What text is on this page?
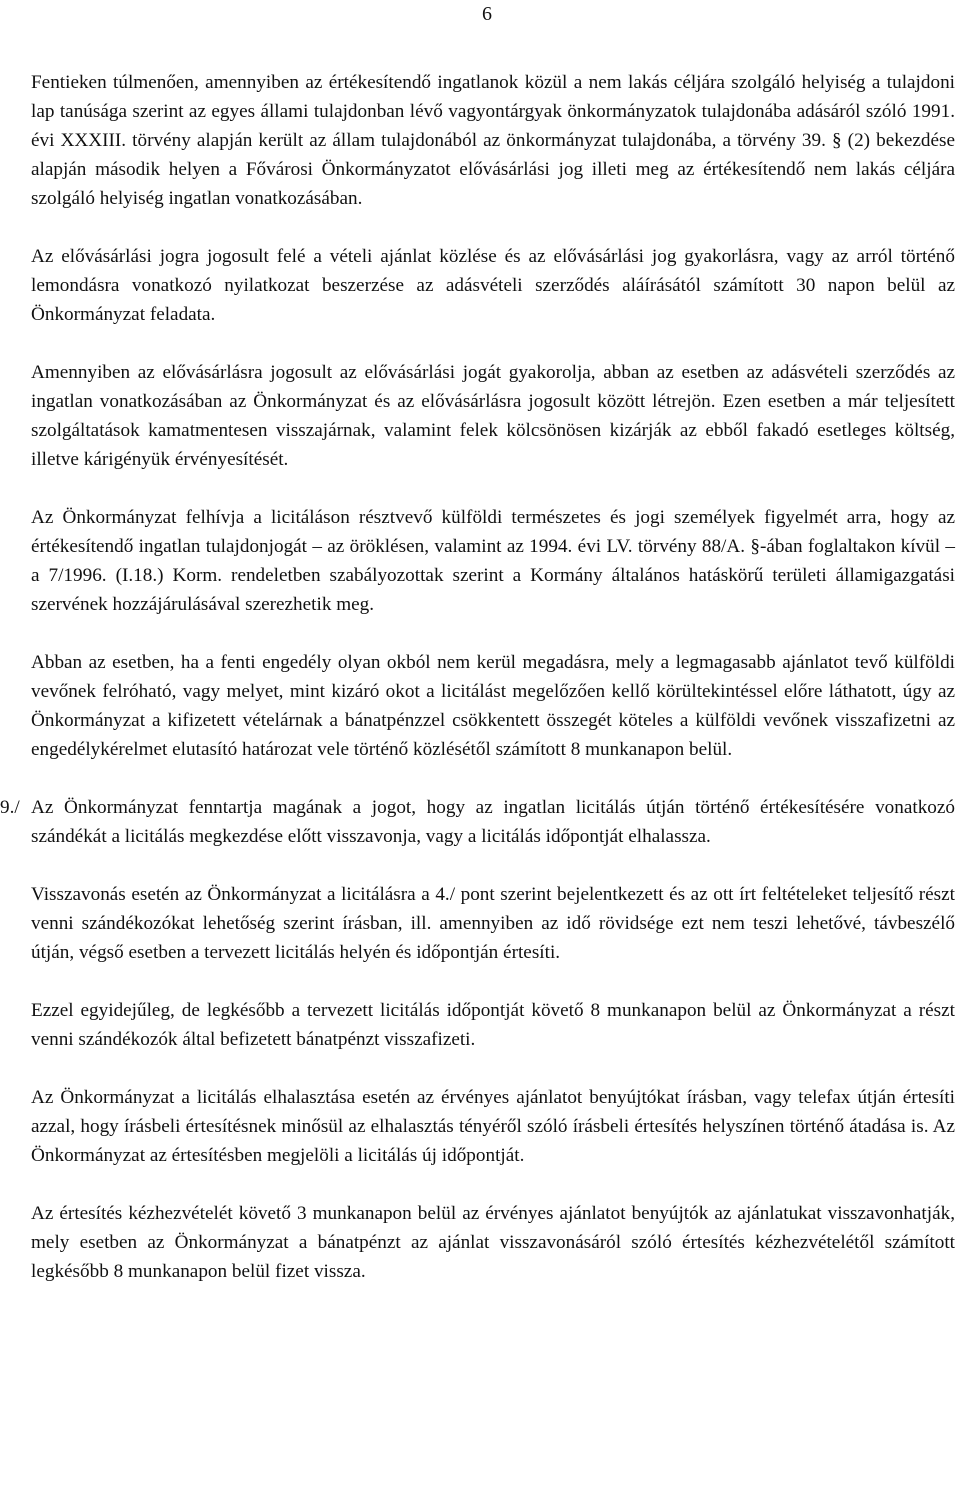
6

Fentieken túlmenően, amennyiben az értékesítendő ingatlanok közül a nem lakás céljára szolgáló helyiség a tulajdoni lap tanúsága szerint az egyes állami tulajdonban lévő vagyontárgyak önkormányzatok tulajdonába adásáról szóló 1991. évi XXXIII. törvény alapján került az állam tulajdonából az önkormányzat tulajdonába, a törvény 39. § (2) bekezdése alapján második helyen a Fővárosi Önkormányzatot elővásárlási jog illeti meg az értékesítendő nem lakás céljára szolgáló helyiség ingatlan vonatkozásában.

Az elővásárlási jogra jogosult felé a vételi ajánlat közlése és az elővásárlási jog gyakorlásra, vagy az arról történő lemondásra vonatkozó nyilatkozat beszerzése az adásvételi szerződés aláírásától számított 30 napon belül az Önkormányzat feladata.

Amennyiben az elővásárlásra jogosult az elővásárlási jogát gyakorolja, abban az esetben az adásvételi szerződés az ingatlan vonatkozásában az Önkormányzat és az elővásárlásra jogosult között létrejön. Ezen esetben a már teljesített szolgáltatások kamatmentesen visszajárnak, valamint felek kölcsönösen kizárják az ebből fakadó esetleges költség, illetve kárigényük érvényesítését.

Az Önkormányzat felhívja a licitáláson résztvevő külföldi természetes és jogi személyek figyelmét arra, hogy az értékesítendő ingatlan tulajdonjogát – az öröklésen, valamint az 1994. évi LV. törvény 88/A. §-ában foglaltakon kívül – a 7/1996. (I.18.) Korm. rendeletben szabályozottak szerint a Kormány általános hatáskörű területi államigazgatási szervének hozzájárulásával szerezhetik meg.

Abban az esetben, ha a fenti engedély olyan okból nem kerül megadásra, mely a legmagasabb ajánlatot tevő külföldi vevőnek felróható, vagy melyet, mint kizáró okot a licitálást megelőzően kellő körültekintéssel előre láthatott, úgy az Önkormányzat a kifizetett vételárnak a bánatpénzzel csökkentett összegét köteles a külföldi vevőnek visszafizetni az engedélykérelmet elutasító határozat vele történő közlésétől számított 8 munkanapon belül.

9./ Az Önkormányzat fenntartja magának a jogot, hogy az ingatlan licitálás útján történő értékesítésére vonatkozó szándékát a licitálás megkezdése előtt visszavonja, vagy a licitálás időpontját elhalassza.

Visszavonás esetén az Önkormányzat a licitálásra a 4./ pont szerint bejelentkezett és az ott írt feltételeket teljesítő részt venni szándékozókat lehetőség szerint írásban, ill. amennyiben az idő rövidsége ezt nem teszi lehetővé, távbeszélő útján, végső esetben a tervezett licitálás helyén és időpontján értesíti.

Ezzel egyidejűleg, de legkésőbb a tervezett licitálás időpontját követő 8 munkanapon belül az Önkormányzat a részt venni szándékozók által befizetett bánatpénzt visszafizeti.

Az Önkormányzat a licitálás elhalasztása esetén az érvényes ajánlatot benyújtókat írásban, vagy telefax útján értesíti azzal, hogy írásbeli értesítésnek minősül az elhalasztás tényéről szóló írásbeli értesítés helyszínen történő átadása is. Az Önkormányzat az értesítésben megjelöli a licitálás új időpontját.

Az értesítés kézhezvételét követő 3 munkanapon belül az érvényes ajánlatot benyújtók az ajánlatukat visszavonhatják, mely esetben az Önkormányzat a bánatpénzt az ajánlat visszavonásáról szóló értesítés kézhezvételétől számított legkésőbb 8 munkanapon belül fizet vissza.
